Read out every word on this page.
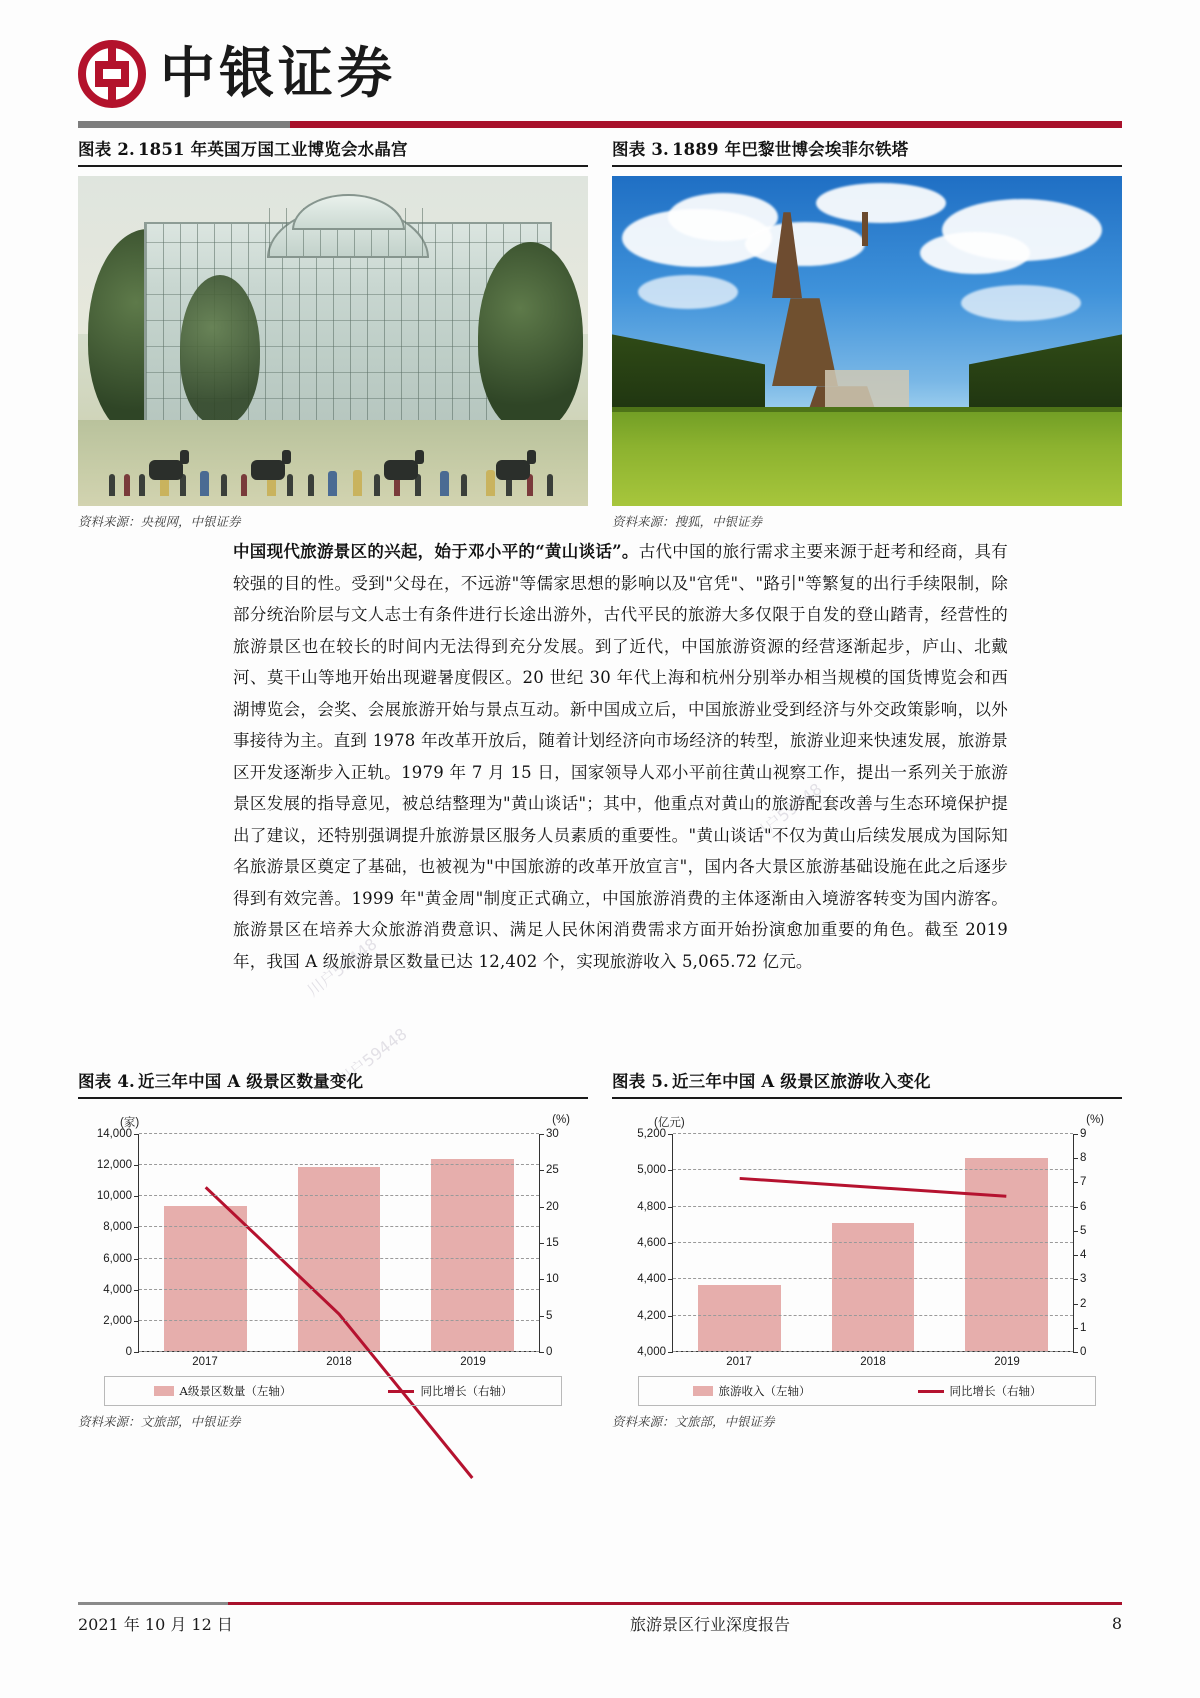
中银证券
图表 2. 1851 年英国万国工业博览会水晶宫
资料来源：央视网，中银证券
图表 3. 1889 年巴黎世博会埃菲尔铁塔
资料来源：搜狐，中银证券
中国现代旅游景区的兴起，始于邓小平的“黄山谈话”。古代中国的旅行需求主要来源于赶考和经商，具有较强的目的性。受到"父母在，不远游"等儒家思想的影响以及"官凭"、"路引"等繁复的出行手续限制，除部分统治阶层与文人志士有条件进行长途出游外，古代平民的旅游大多仅限于自发的登山踏青，经营性的旅游景区也在较长的时间内无法得到充分发展。到了近代，中国旅游资源的经营逐渐起步，庐山、北戴河、莫干山等地开始出现避暑度假区。20 世纪 30 年代上海和杭州分别举办相当规模的国货博览会和西湖博览会，会奖、会展旅游开始与景点互动。新中国成立后，中国旅游业受到经济与外交政策影响，以外事接待为主。直到 1978 年改革开放后，随着计划经济向市场经济的转型，旅游业迎来快速发展，旅游景区开发逐渐步入正轨。1979 年 7 月 15 日，国家领导人邓小平前往黄山视察工作，提出一系列关于旅游景区发展的指导意见，被总结整理为"黄山谈话"；其中，他重点对黄山的旅游配套改善与生态环境保护提出了建议，还特别强调提升旅游景区服务人员素质的重要性。"黄山谈话"不仅为黄山后续发展成为国际知名旅游景区奠定了基础，也被视为"中国旅游的改革开放宣言"，国内各大景区旅游基础设施在此之后逐步得到有效完善。1999 年"黄金周"制度正式确立，中国旅游消费的主体逐渐由入境游客转变为国内游客。旅游景区在培养大众旅游消费意识、满足人民休闲消费需求方面开始扮演愈加重要的角色。截至 2019 年，我国 A 级旅游景区数量已达 12,402 个，实现旅游收入 5,065.72 亿元。
川户59448
川户59448
川户59448
图表 4. 近三年中国 A 级景区数量变化
(家)	(%)
0
2,000
4,000
6,000
8,000
10,000
12,000
14,000
0
5
10
15
20
25
30
2017	2018	2019
A级景区数量（左轴）	同比增长（右轴）
资料来源：文旅部，中银证券
图表 5. 近三年中国 A 级景区旅游收入变化
(亿元)	(%)
4,000
4,200
4,400
4,600
4,800
5,000
5,200
0
1
2
3
4
5
6
7
8
9
2017	2018	2019
旅游收入（左轴）	同比增长（右轴）
资料来源：文旅部，中银证券
2021 年 10 月 12 日	旅游景区行业深度报告	8
